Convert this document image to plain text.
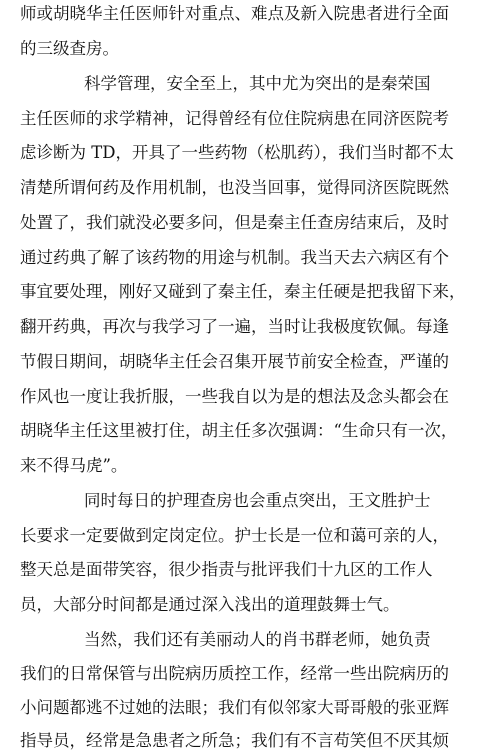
师或胡晓华主任医师针对重点、难点及新入院患者进行全面
的三级查房。
科学管理，安全至上，其中尤为突出的是秦荣国
主任医师的求学精神，记得曾经有位住院病患在同济医院考
虑诊断为 TD，开具了一些药物（松肌药），我们当时都不太
清楚所谓何药及作用机制，也没当回事，觉得同济医院既然
处置了，我们就没必要多问，但是秦主任查房结束后，及时
通过药典了解了该药物的用途与机制。我当天去六病区有个
事宜要处理，刚好又碰到了秦主任，秦主任硬是把我留下来，
翻开药典，再次与我学习了一遍，当时让我极度钦佩。每逢
节假日期间，胡晓华主任会召集开展节前安全检查，严谨的
作风也一度让我折服，一些我自以为是的想法及念头都会在
胡晓华主任这里被打住，胡主任多次强调：“生命只有一次，
来不得马虎”。
同时每日的护理查房也会重点突出，王文胜护士
长要求一定要做到定岗定位。护士长是一位和蔼可亲的人，
整天总是面带笑容，很少指责与批评我们十九区的工作人
员，大部分时间都是通过深入浅出的道理鼓舞士气。
当然，我们还有美丽动人的肖书群老师，她负责
我们的日常保管与出院病历质控工作，经常一些出院病历的
小问题都逃不过她的法眼；我们有似邻家大哥哥般的张亚辉
指导员，经常是急患者之所急；我们有不言苟笑但不厌其烦
